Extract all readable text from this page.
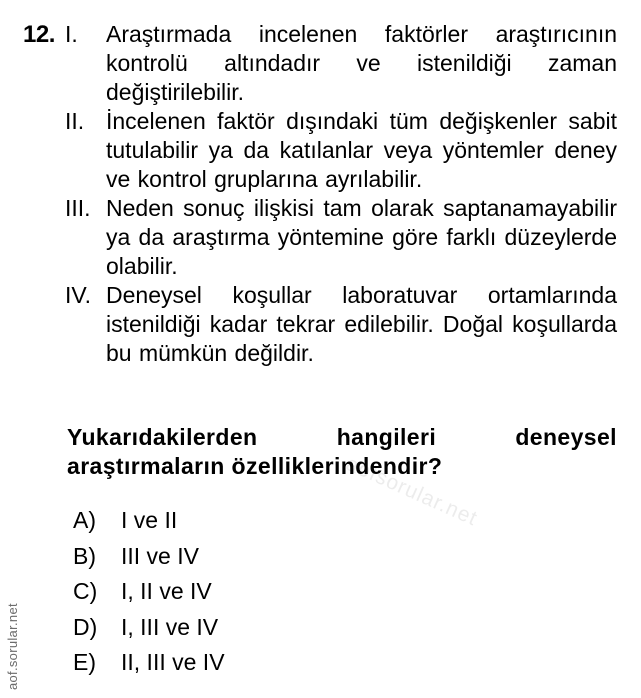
12. I. Araştırmada incelenen faktörler araştırıcının kontrolü altındadır ve istenildiği zaman değiştirilebilir.
II. İncelenen faktör dışındaki tüm değişkenler sabit tutulabilir ya da katılanlar veya yöntemler deney ve kontrol gruplarına ayrılabilir.
III. Neden sonuç ilişkisi tam olarak saptanamayabilir ya da araştırma yöntemine göre farklı düzeylerde olabilir.
IV. Deneysel koşullar laboratuvar ortamlarında istenildiği kadar tekrar edilebilir. Doğal koşullarda bu mümkün değildir.
Yukarıdakilerden	hangileri	deneysel
araştırmaların özelliklerindendir?
A)	I ve II
B)	III ve IV
C)	I, II ve IV
D)	I, III ve IV
E)	II, III ve IV
aofsorular.net
aof.sorular.net
